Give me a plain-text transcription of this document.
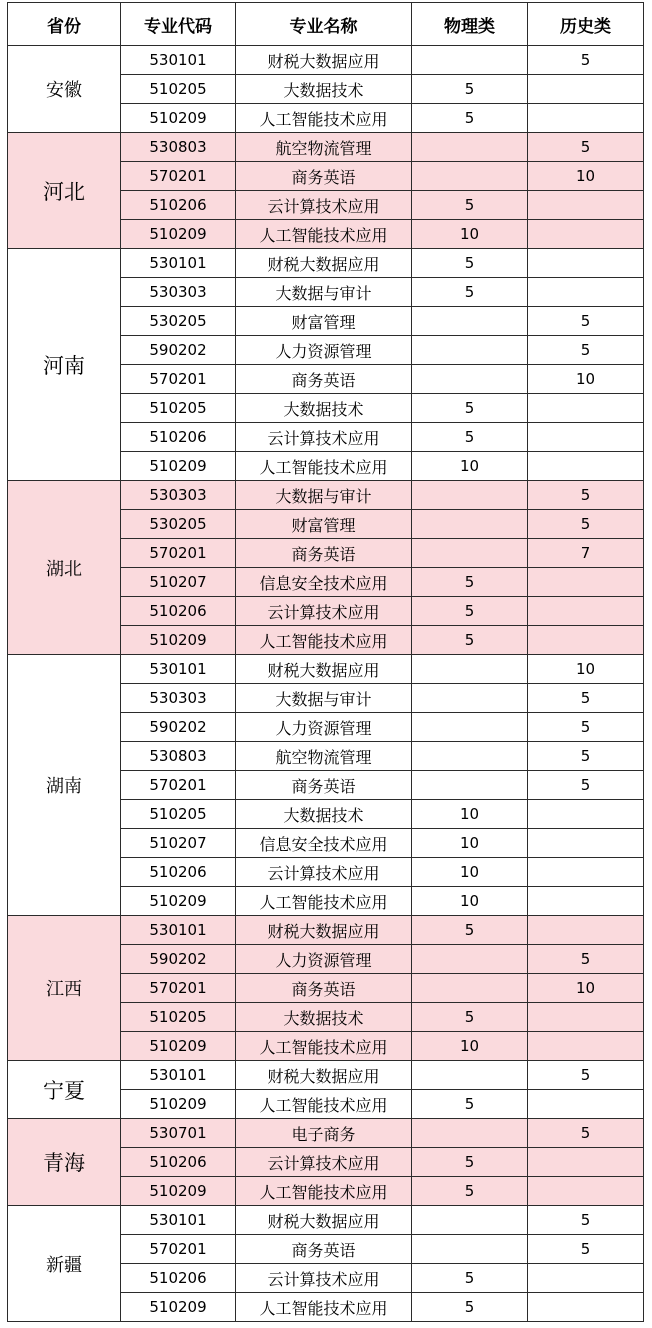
省份	专业代码	专业名称	物理类	历史类
安徽	530101	财税大数据应用		5
	510205	大数据技术	5	
	510209	人工智能技术应用	5	
河北	530803	航空物流管理		5
	570201	商务英语		10
	510206	云计算技术应用	5	
	510209	人工智能技术应用	10	
河南	530101	财税大数据应用	5	
	530303	大数据与审计	5	
	530205	财富管理		5
	590202	人力资源管理		5
	570201	商务英语		10
	510205	大数据技术	5	
	510206	云计算技术应用	5	
	510209	人工智能技术应用	10	
湖北	530303	大数据与审计		5
	530205	财富管理		5
	570201	商务英语		7
	510207	信息安全技术应用	5	
	510206	云计算技术应用	5	
	510209	人工智能技术应用	5	
湖南	530101	财税大数据应用		10
	530303	大数据与审计		5
	590202	人力资源管理		5
	530803	航空物流管理		5
	570201	商务英语		5
	510205	大数据技术	10	
	510207	信息安全技术应用	10	
	510206	云计算技术应用	10	
	510209	人工智能技术应用	10	
江西	530101	财税大数据应用	5	
	590202	人力资源管理		5
	570201	商务英语		10
	510205	大数据技术	5	
	510209	人工智能技术应用	10	
宁夏	530101	财税大数据应用		5
	510209	人工智能技术应用	5	
青海	530701	电子商务		5
	510206	云计算技术应用	5	
	510209	人工智能技术应用	5	
新疆	530101	财税大数据应用		5
	570201	商务英语		5
	510206	云计算技术应用	5	
	510209	人工智能技术应用	5	
